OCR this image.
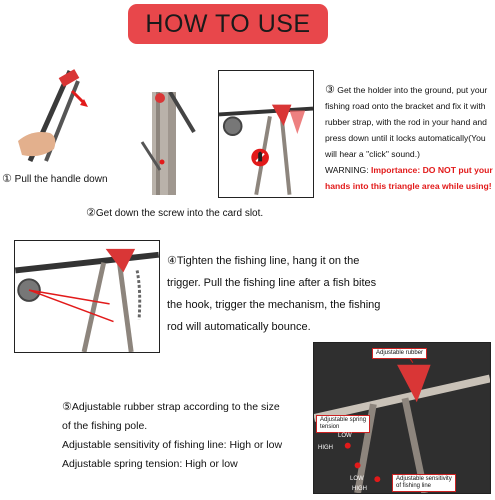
HOW TO USE
① Pull the handle down
②Get down the screw into the card slot.
③ Get the holder into the ground, put your
fishing road onto the bracket and fix it with
rubber strap, with the rod in your hand and
press down until it locks automatically(You
will hear a "click" sound.)
WARNING: Importance: DO NOT put your
hands into this triangle area while using!
④Tighten the fishing line, hang it on the
trigger. Pull the fishing line after a fish bites
the hook, trigger the mechanism, the fishing
rod will automatically bounce.
⑤Adjustable rubber strap according to the size
of the fishing pole.
Adjustable sensitivity of fishing line: High or low
Adjustable spring tension: High or low
Adjustable rubber
Adjustable spring
tension
LOW
HIGH
LOW
HIGH
Adjustable sensitivity
of fishing line
